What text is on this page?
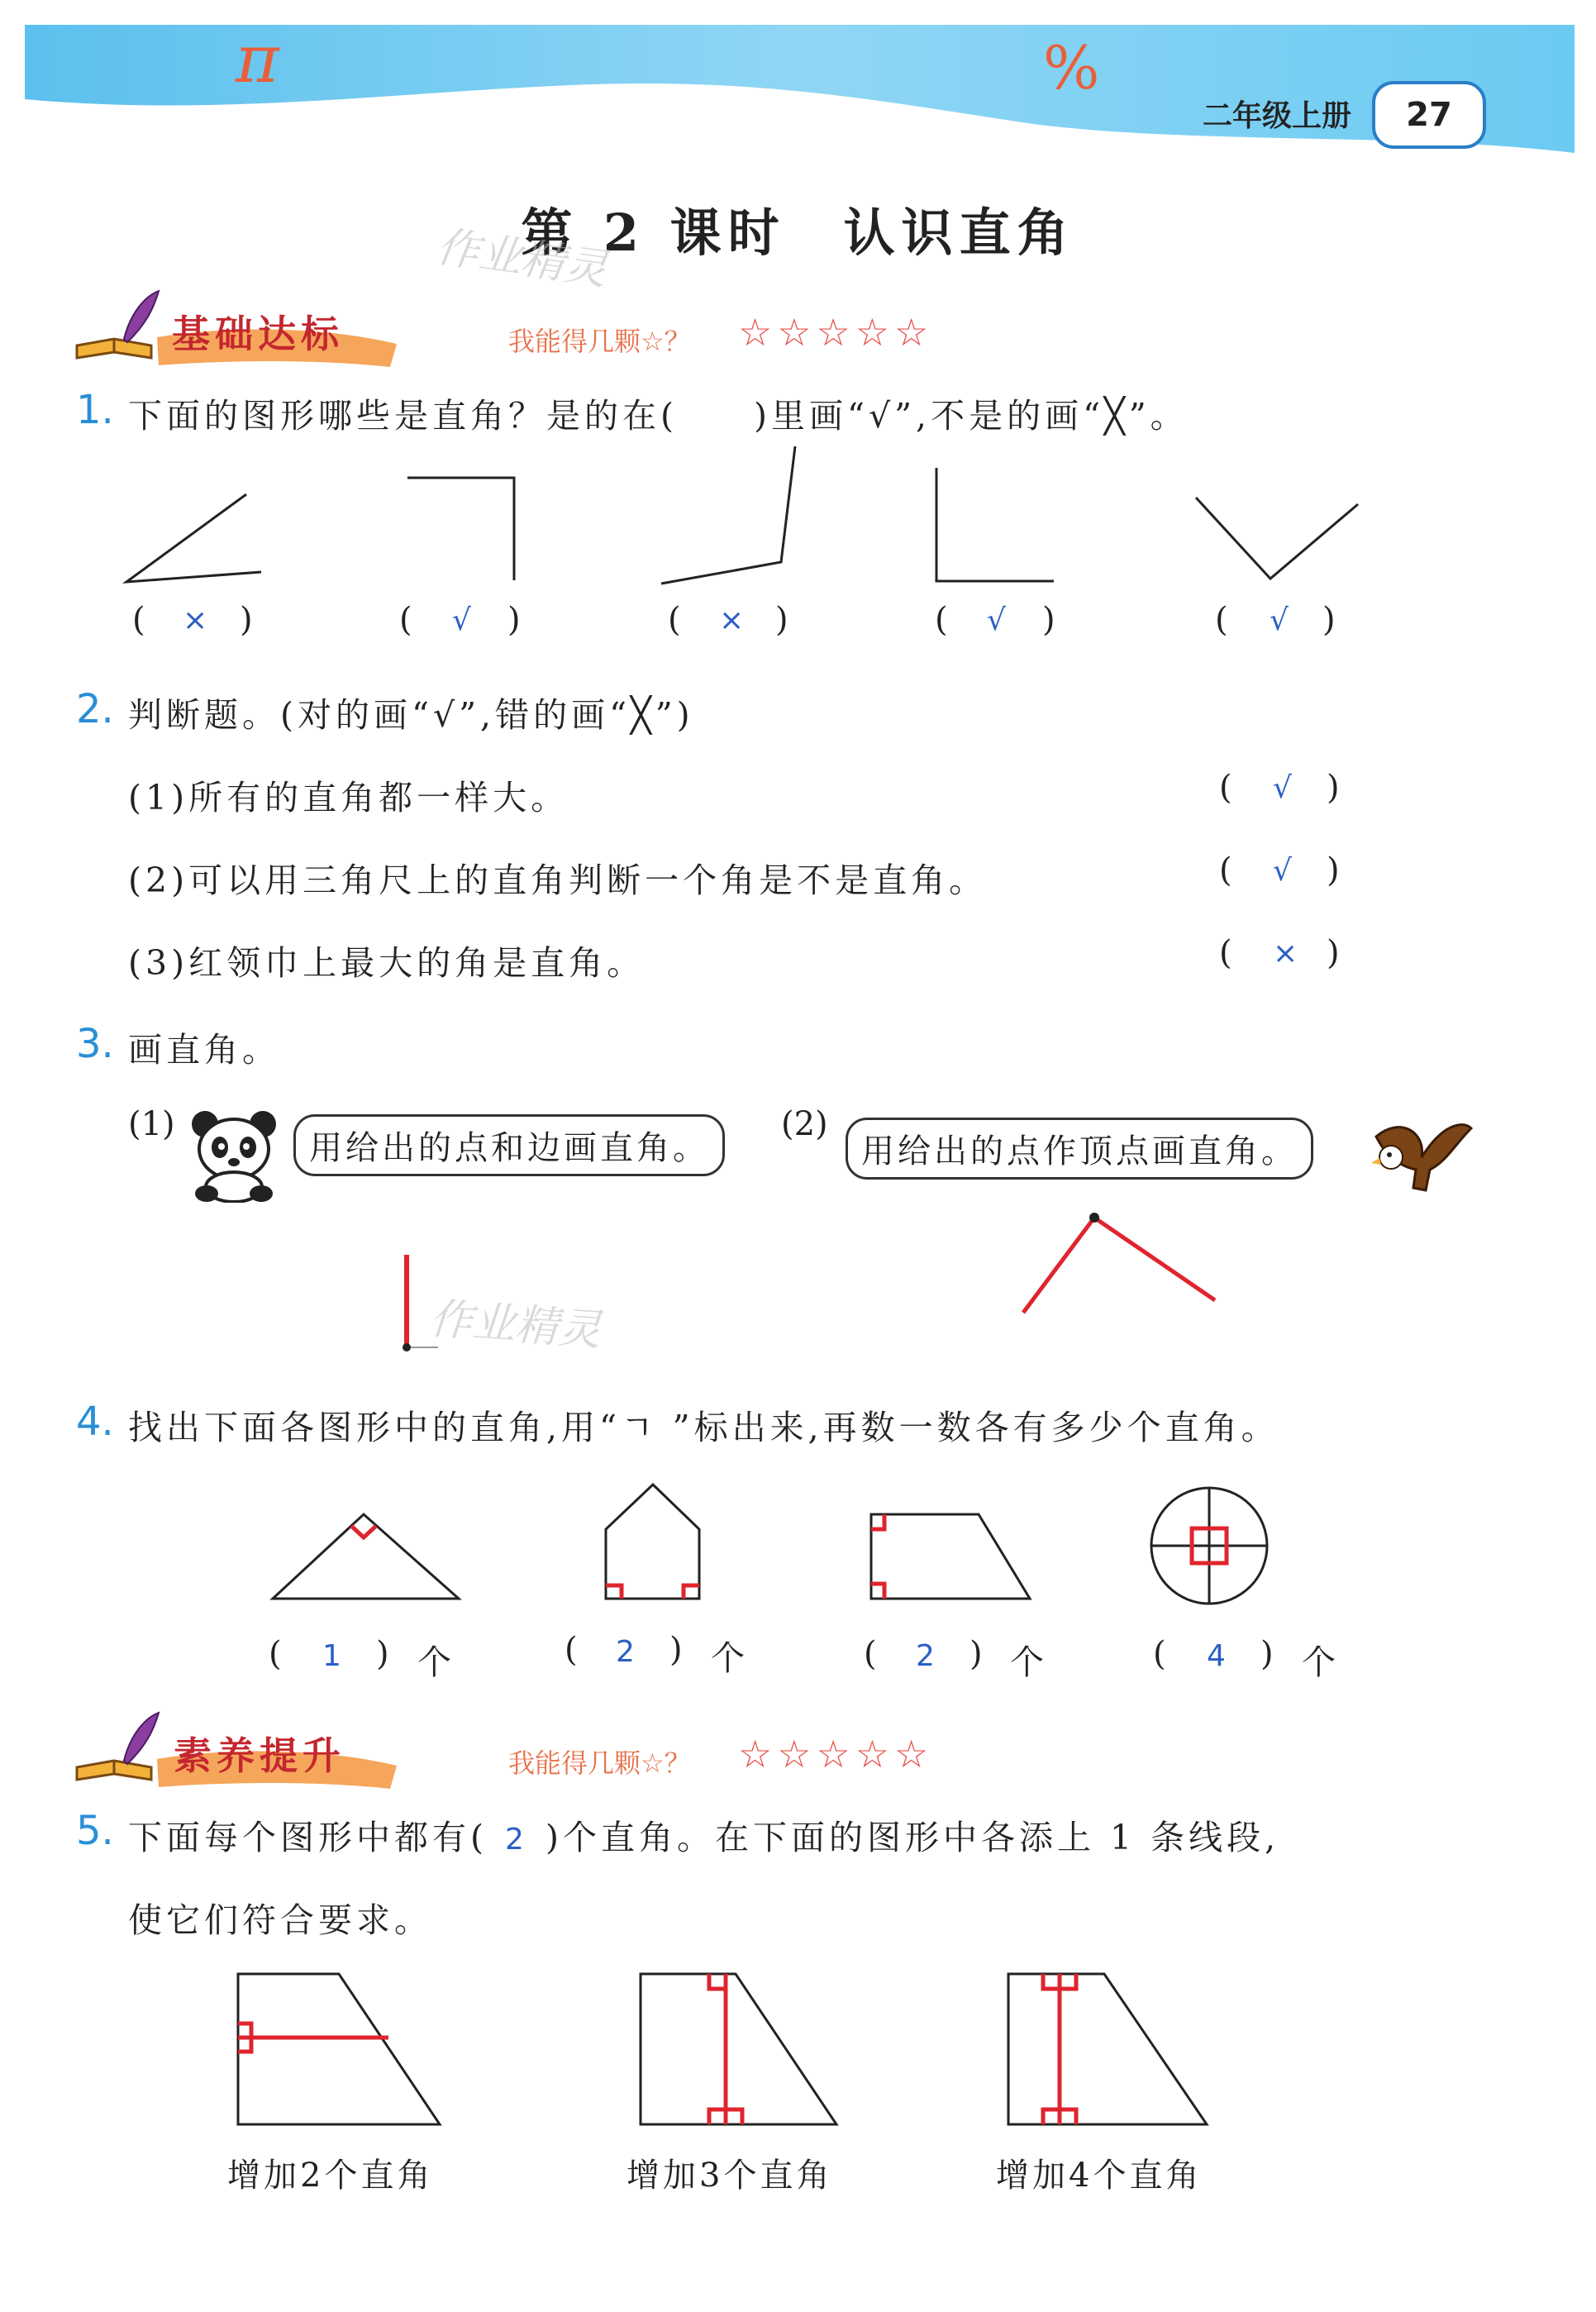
π	%
二年级上册	27
第 2 课时 认识直角
作业精灵
基础达标	我能得几颗☆？ ☆☆☆☆☆
1. 下面的图形哪些是直角？是的在(　　)里画“√”,不是的画“╳”。
( × )	( √ )	( × )	( √ )	( √ )
2. 判断题。(对的画“√”,错的画“╳”)
(1)所有的直角都一样大。	( √ )
(2)可以用三角尺上的直角判断一个角是不是直角。	( √ )
(3)红领巾上最大的角是直角。	( × )
3. 画直角。
(1)
用给出的点和边画直角。
(2)
用给出的点作顶点画直角。
作业精灵
4. 找出下面各图形中的直角,用“ㄱ ”标出来,再数一数各有多少个直角。
( 1 ) 个	( 2 ) 个	( 2 ) 个	( 4 ) 个
素养提升	我能得几颗☆？ ☆☆☆☆☆
5. 下面每个图形中都有( 2 )个直角。在下面的图形中各添上 1 条线段,
使它们符合要求。
增加2个直角	增加3个直角	增加4个直角
